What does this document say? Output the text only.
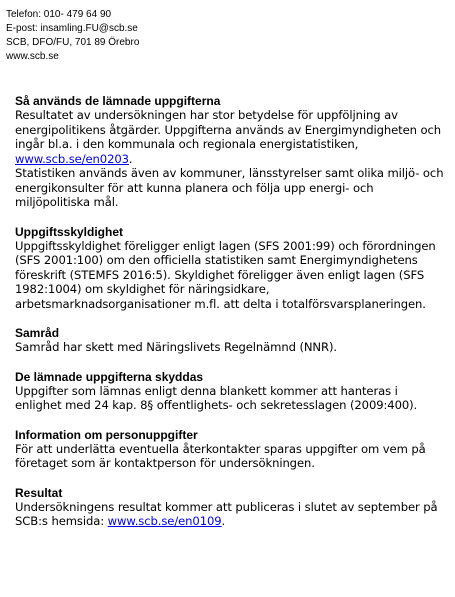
Telefon: 010- 479 64 90
E-post: insamling.FU@scb.se
SCB, DFO/FU, 701 89 Örebro
www.scb.se
Så används de lämnade uppgifterna

Resultatet av undersökningen har stor betydelse för uppföljning av energipolitikens åtgärder. Uppgifterna används av Energimyndigheten och ingår bl.a. i den kommunala och regionala energistatistiken, www.scb.se/en0203.
Statistiken används även av kommuner, länsstyrelser samt olika miljö- och energikonsulter för att kunna planera och följa upp energi- och miljöpolitiska mål.

Uppgiftsskyldighet

Uppgiftsskyldighet föreligger enligt lagen (SFS 2001:99) och förordningen (SFS 2001:100) om den officiella statistiken samt Energimyndighetens föreskrift (STEMFS 2016:5). Skyldighet föreligger även enligt lagen (SFS 1982:1004) om skyldighet för näringsidkare, arbetsmarknadsorganisationer m.fl. att delta i totalförsvarsplaneringen.

Samråd

Samråd har skett med Näringslivets Regelnämnd (NNR).

De lämnade uppgifterna skyddas

Uppgifter som lämnas enligt denna blankett kommer att hanteras i enlighet med 24 kap. 8§ offentlighets- och sekretesslagen (2009:400).

Information om personuppgifter

För att underlätta eventuella återkontakter sparas uppgifter om vem på företaget som är kontaktperson för undersökningen.

Resultat

Undersökningens resultat kommer att publiceras i slutet av september på SCB:s hemsida: www.scb.se/en0109.
